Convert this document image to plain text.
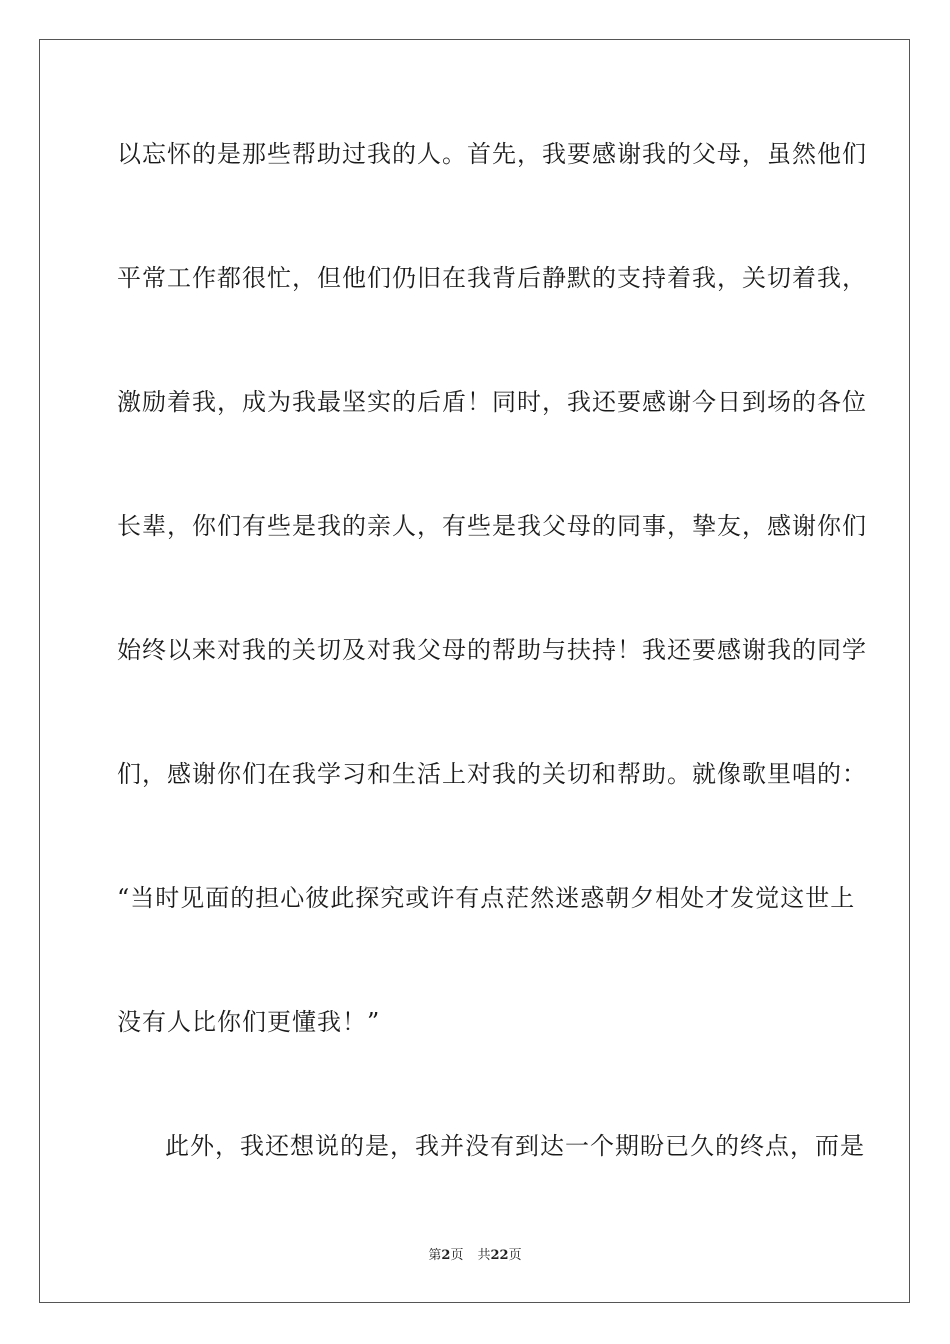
以忘怀的是那些帮助过我的人。首先，我要感谢我的父母，虽然他们
平常工作都很忙，但他们仍旧在我背后静默的支持着我，关切着我，
激励着我，成为我最坚实的后盾！同时，我还要感谢今日到场的各位
长辈，你们有些是我的亲人，有些是我父母的同事，挚友，感谢你们
始终以来对我的关切及对我父母的帮助与扶持！我还要感谢我的同学
们，感谢你们在我学习和生活上对我的关切和帮助。就像歌里唱的：
“当时见面的担心彼此探究或许有点茫然迷惑朝夕相处才发觉这世上
没有人比你们更懂我！”
此外，我还想说的是，我并没有到达一个期盼已久的终点，而是
第2页 共22页
